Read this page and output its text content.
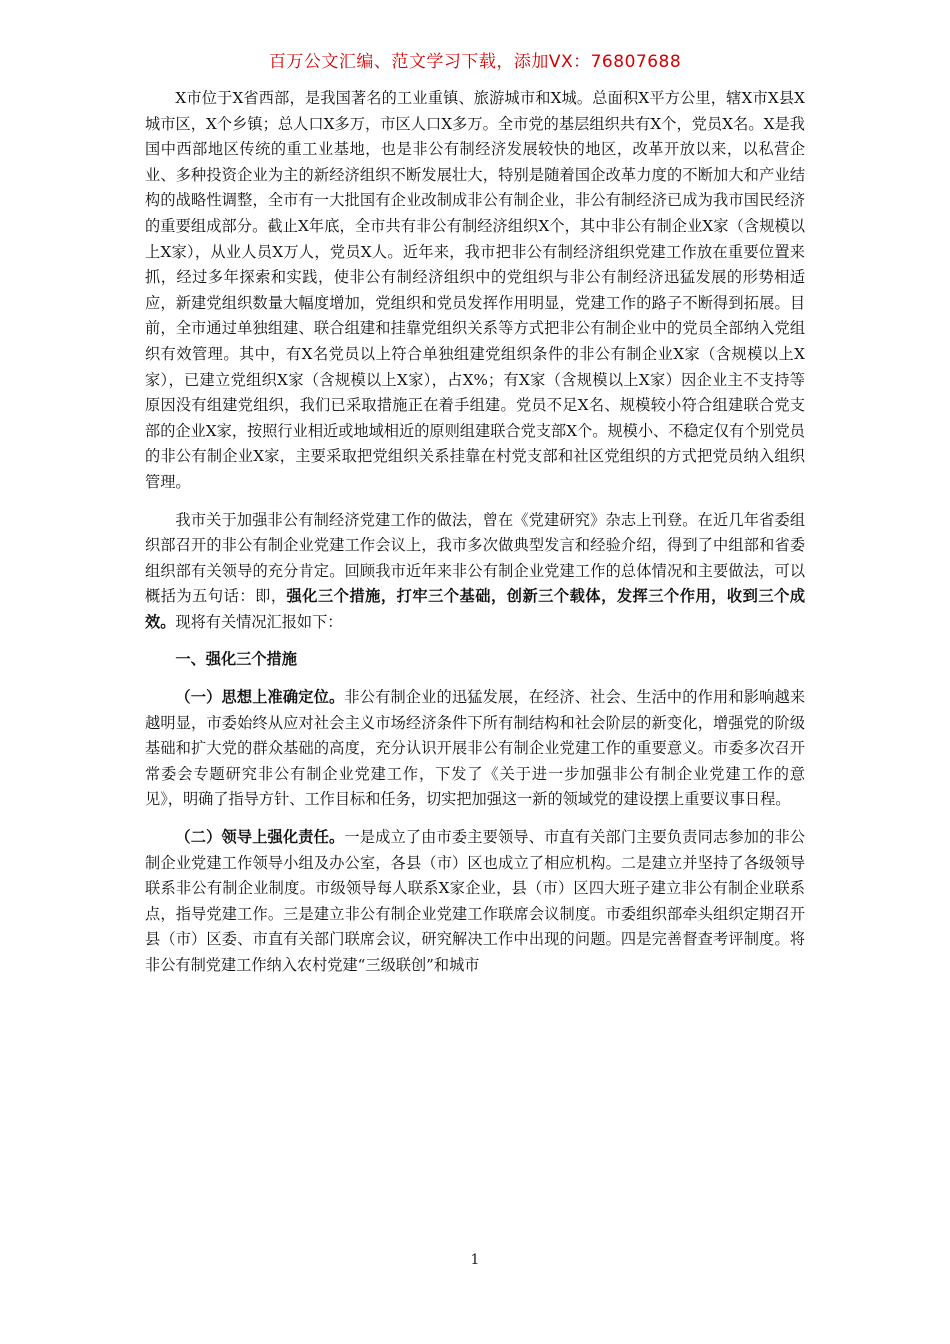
百万公文汇编、范文学习下载，添加VX：76807688

X市位于X省西部，是我国著名的工业重镇、旅游城市和X城。总面积X平方公里，辖X市X县X城市区，X个乡镇；总人口X多万，市区人口X多万。全市党的基层组织共有X个，党员X名。X是我国中西部地区传统的重工业基地，也是非公有制经济发展较快的地区，改革开放以来，以私营企业、多种投资企业为主的新经济组织不断发展壮大，特别是随着国企改革力度的不断加大和产业结构的战略性调整，全市有一大批国有企业改制成非公有制企业，非公有制经济已成为我市国民经济的重要组成部分。截止X年底，全市共有非公有制经济组织X个，其中非公有制企业X家（含规模以上X家），从业人员X万人，党员X人。近年来，我市把非公有制经济组织党建工作放在重要位置来抓，经过多年探索和实践，使非公有制经济组织中的党组织与非公有制经济迅猛发展的形势相适应，新建党组织数量大幅度增加，党组织和党员发挥作用明显，党建工作的路子不断得到拓展。目前，全市通过单独组建、联合组建和挂靠党组织关系等方式把非公有制企业中的党员全部纳入党组织有效管理。其中，有X名党员以上符合单独组建党组织条件的非公有制企业X家（含规模以上X家），已建立党组织X家（含规模以上X家），占X%；有X家（含规模以上X家）因企业主不支持等原因没有组建党组织，我们已采取措施正在着手组建。党员不足X名、规模较小符合组建联合党支部的企业X家，按照行业相近或地域相近的原则组建联合党支部X个。规模小、不稳定仅有个别党员的非公有制企业X家，主要采取把党组织关系挂靠在村党支部和社区党组织的方式把党员纳入组织管理。

我市关于加强非公有制经济党建工作的做法，曾在《党建研究》杂志上刊登。在近几年省委组织部召开的非公有制企业党建工作会议上，我市多次做典型发言和经验介绍，得到了中组部和省委组织部有关领导的充分肯定。回顾我市近年来非公有制企业党建工作的总体情况和主要做法，可以概括为五句话：即，强化三个措施，打牢三个基础，创新三个载体，发挥三个作用，收到三个成效。现将有关情况汇报如下：

一、强化三个措施

（一）思想上准确定位。非公有制企业的迅猛发展，在经济、社会、生活中的作用和影响越来越明显，市委始终从应对社会主义市场经济条件下所有制结构和社会阶层的新变化，增强党的阶级基础和扩大党的群众基础的高度，充分认识开展非公有制企业党建工作的重要意义。市委多次召开常委会专题研究非公有制企业党建工作，下发了《关于进一步加强非公有制企业党建工作的意见》，明确了指导方针、工作目标和任务，切实把加强这一新的领域党的建设摆上重要议事日程。

（二）领导上强化责任。一是成立了由市委主要领导、市直有关部门主要负责同志参加的非公制企业党建工作领导小组及办公室，各县（市）区也成立了相应机构。二是建立并坚持了各级领导联系非公有制企业制度。市级领导每人联系X家企业，县（市）区四大班子建立非公有制企业联系点，指导党建工作。三是建立非公有制企业党建工作联席会议制度。市委组织部牵头组织定期召开县（市）区委、市直有关部门联席会议，研究解决工作中出现的问题。四是完善督查考评制度。将非公有制党建工作纳入农村党建“三级联创”和城市

1
